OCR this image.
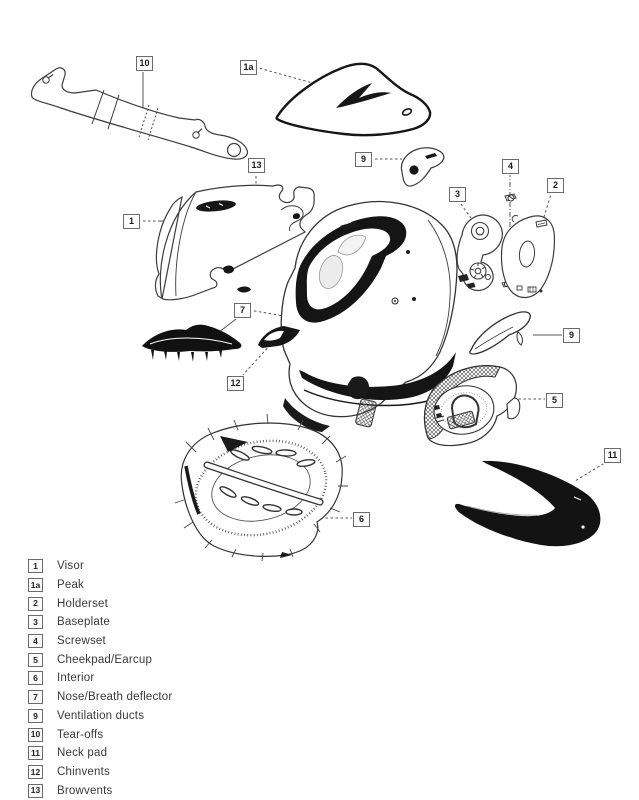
10	1a
13
9
3
4
2
1
7
9
12
5
11
6
1	Visor
1a Peak
2	Holderset
3	Baseplate
4	Screwset
5	Cheekpad/Earcup
6	Interior
7	Nose/Breath deflector
9	Ventilation ducts
10 Tear-offs
11 Neck pad
12 Chinvents
13 Browvents
